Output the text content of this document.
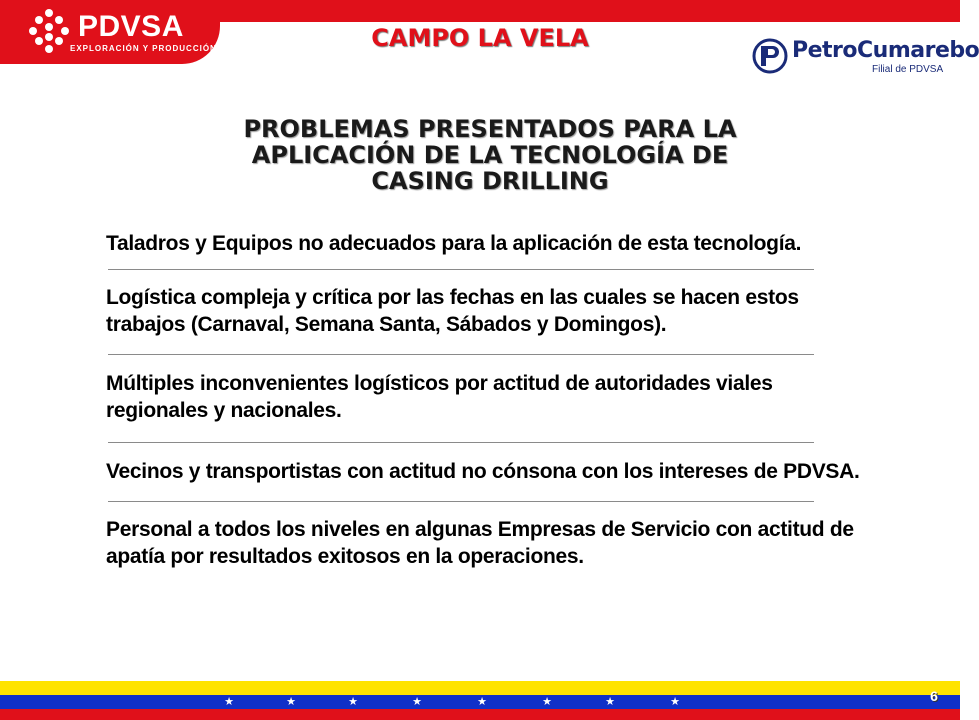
PDVSA
EXPLORACIÓN Y PRODUCCIÓN	CAMPO LA VELA	PetroCumarebo
Filial de PDVSA
PROBLEMAS PRESENTADOS PARA LA
APLICACIÓN DE LA TECNOLOGÍA DE
CASING DRILLING
Taladros y Equipos no adecuados para la aplicación de esta tecnología.
Logística compleja y crítica por las fechas en las cuales se hacen estos trabajos (Carnaval, Semana Santa, Sábados y Domingos).
Múltiples inconvenientes logísticos por actitud de autoridades viales regionales y nacionales.
Vecinos y transportistas con actitud no cónsona con los intereses de PDVSA.
Personal a todos los niveles en algunas Empresas de Servicio con actitud de apatía por resultados exitosos en la operaciones.
★	★	★	★	★	★	★	★	6
